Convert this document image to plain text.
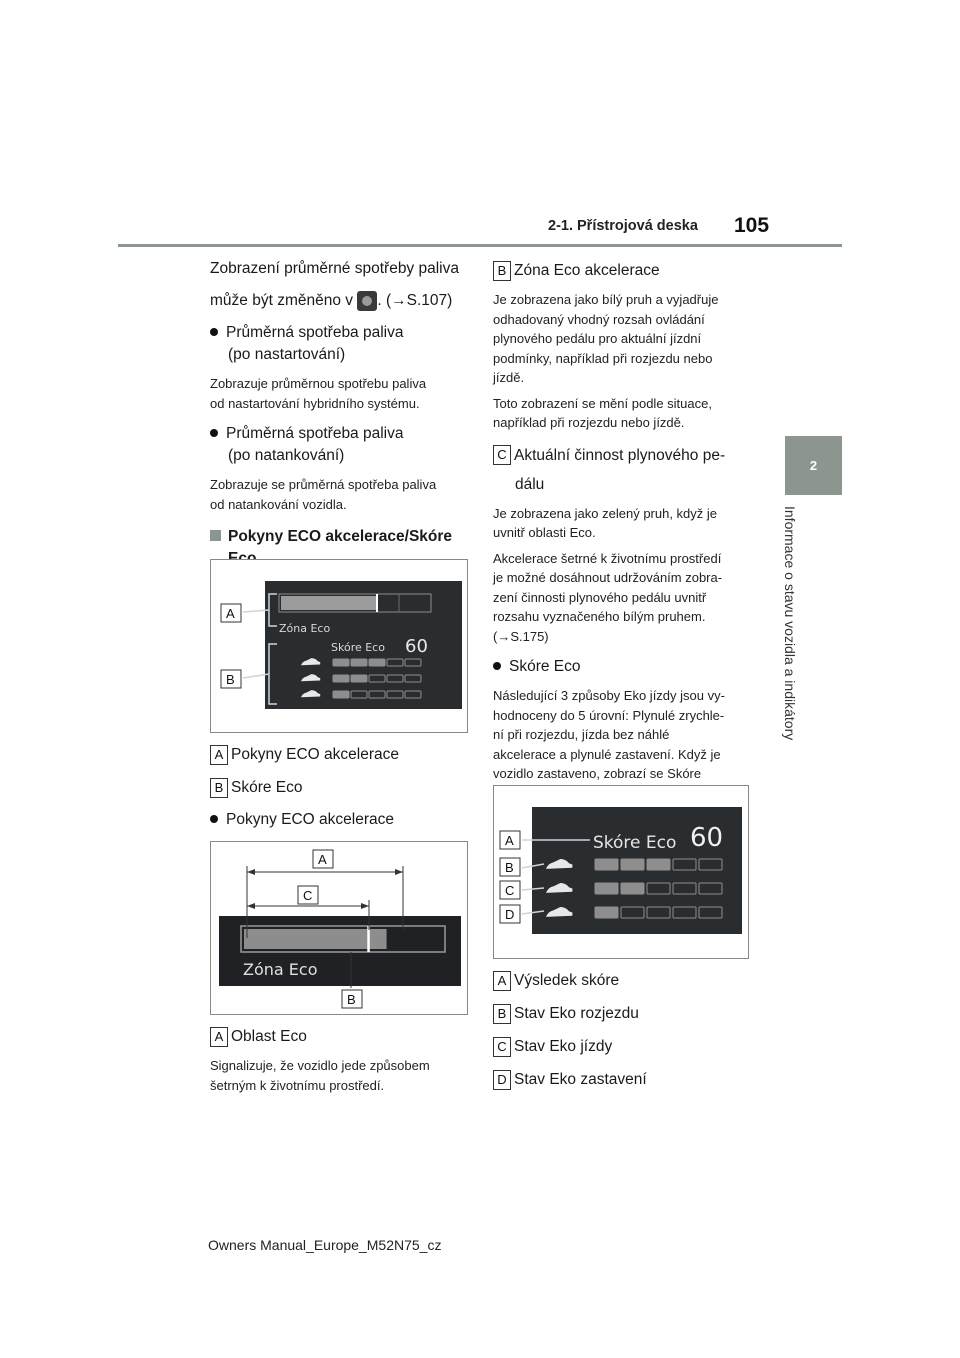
2-1. Přístrojová deska 105
2
Informace o stavu vozidla a indikátory

Zobrazení průměrné spotřeby paliva

může být změněno v . (→S.107)

Průměrná spotřeba paliva
(po nastartování)

Zobrazuje průměrnou spotřebu paliva

od nastartování hybridního systému.

Průměrná spotřeba paliva
(po natankování)

Zobrazuje se průměrná spotřeba paliva

od natankování vozidla.

Pokyny ECO akcelerace/Skóre
Zóna Eco
Skóre Eco 60
A
B

A Pokyny ECO akcelerace

B Skóre Eco

Pokyny ECO akcelerace
Zóna Eco
A
C
B

A Oblast Eco

Signalizuje, že vozidlo jede způsobem

šetrným k životnímu prostředí.

B Zóna Eco akcelerace

Je zobrazena jako bílý pruh a vyjadřuje

odhadovaný vhodný rozsah ovládání

plynového pedálu pro aktuální jízdní

podmínky, například při rozjezdu nebo

jízdě.

Toto zobrazení se mění podle situace,

například při rozjezdu nebo jízdě.

C Aktuální činnost plynového pe-

dálu

Je zobrazena jako zelený pruh, když je

uvnitř oblasti Eco.

Akcelerace šetrné k životnímu prostředí

je možné dosáhnout udržováním zobra-

zení činnosti plynového pedálu uvnitř

rozsahu vyznačeného bílým pruhem.

(→S.175)

Skóre Eco

Následující 3 způsoby Eko jízdy jsou vy-

hodnoceny do 5 úrovní: Plynulé zrychle-

ní při rozjezdu, jízda bez náhlé

akcelerace a plynulé zastavení. Když je

vozidlo zastaveno, zobrazí se Skóre

Skóre Eco 60
A
B
C
D

A Výsledek skóre

B Stav Eko rozjezdu

C Stav Eko jízdy

D Stav Eko zastavení

Owners Manual_Europe_M52N75_cz
